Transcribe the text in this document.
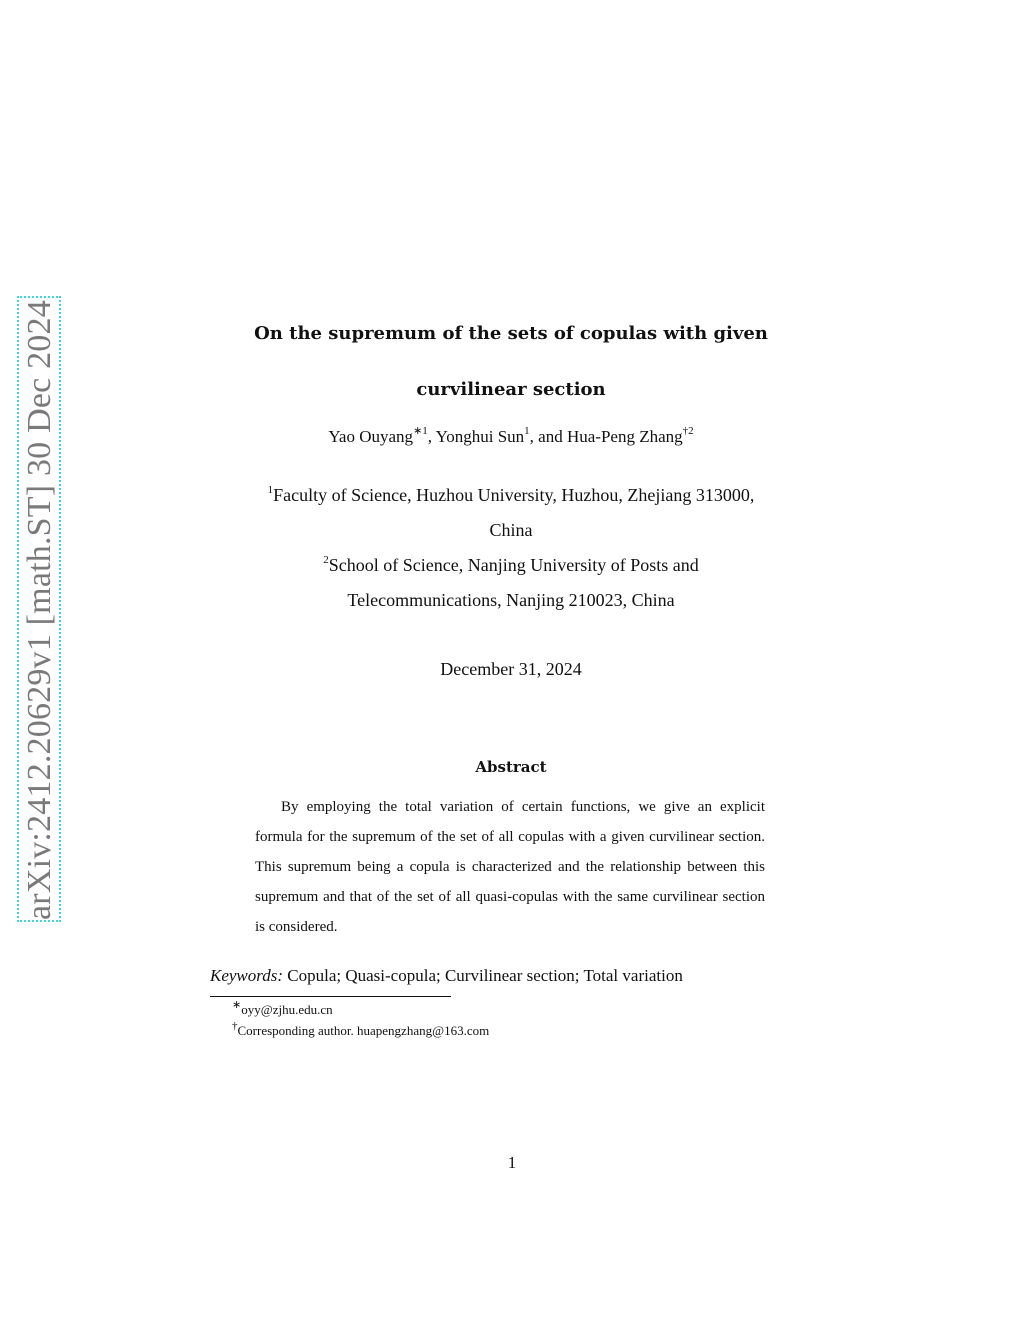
arXiv:2412.20629v1 [math.ST] 30 Dec 2024	On the supremum of the sets of copulas with given
curvilinear section
Yao Ouyang$^{∗1}$, Yonghui Sun$^1$, and Hua-Peng Zhang$^{\dagger 2}$
$^1$Faculty of Science, Huzhou University, Huzhou, Zhejiang 313000,
China
$^2$School of Science, Nanjing University of Posts and
Telecommunications, Nanjing 210023, China
December 31, 2024
Abstract
By employing the total variation of certain functions, we give an explicit formula for the supremum of the set of all copulas with a given curvilinear section. This supremum being a copula is characterized and the relationship between this supremum and that of the set of all quasi-copulas with the same curvilinear section is considered.
Keywords: Copula; Quasi-copula; Curvilinear section; Total variation
∗oyy@zjhu.edu.cn
†Corresponding author. huapengzhang@163.com
1
